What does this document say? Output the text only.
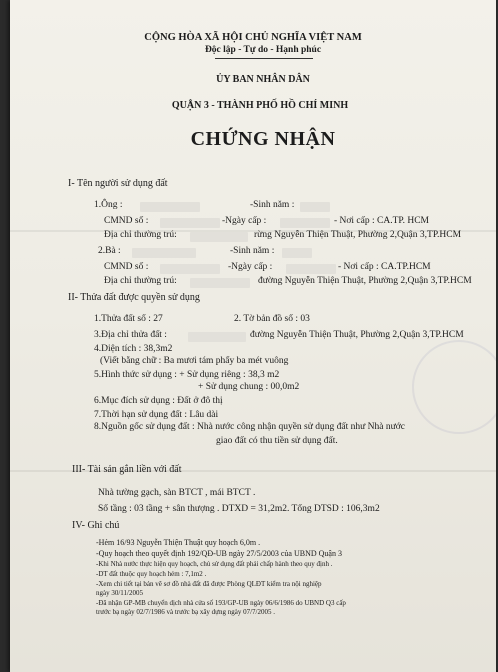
CỘNG HÒA XÃ HỘI CHỦ NGHĨA VIỆT NAM
Độc lập - Tự do - Hạnh phúc
ỦY BAN NHÂN DÂN
QUẬN 3 - THÀNH PHỐ HỒ CHÍ MINH
CHỨNG NHẬN
I- Tên người sử dụng đất
1.Ông :	-Sinh năm :
CMND số :	-Ngày cấp :	- Nơi cấp : CA.TP. HCM
Địa chỉ thường trú:	rừng Nguyễn Thiện Thuật, Phường 2,Quận 3,TP.HCM
2.Bà :	-Sinh năm :
CMND số :	-Ngày cấp :	- Nơi cấp : CA.TP.HCM
Địa chỉ thường trú:	đường Nguyễn Thiện Thuật, Phường 2,Quận 3,TP.HCM
II- Thửa đất được quyền sử dụng
1.Thửa đất số : 27	2. Tờ bản đồ số : 03
3.Địa chỉ thửa đất :	đường Nguyễn Thiện Thuật, Phường 2,Quận 3,TP.HCM
4.Diện tích : 38,3m2
(Viết bằng chữ : Ba mươi tám phẩy ba mét vuông
5.Hình thức sử dụng : + Sử dụng riêng : 38,3 m2
+ Sử dụng chung : 00,0m2
6.Mục đích sử dụng : Đất ở đô thị
7.Thời hạn sử dụng đất : Lâu dài
8.Nguồn gốc sử dụng đất : Nhà nước công nhận quyền sử dụng đất như Nhà nước
giao đất có thu tiền sử dụng đất.
III- Tài sản gắn liền với đất
Nhà tường gạch, sàn BTCT , mái BTCT .
Số tầng : 03 tầng + sân thượng . DTXD = 31,2m2. Tổng DTSD : 106,3m2
IV- Ghi chú
-Hẻm 16/93 Nguyễn Thiện Thuật quy hoạch 6,0m .
-Quy hoạch theo quyết định 192/QĐ-UB ngày 27/5/2003 của UBND Quận 3
-Khi Nhà nước thực hiện quy hoạch, chủ sử dụng đất phải chấp hành theo quy định .
-DT đất thuộc quy hoạch hẻm : 7,1m2 .
-Xem chi tiết tại bản vẽ sơ đồ nhà đất đã được Phòng QLĐT kiểm tra nội nghiệp
ngày 30/11/2005
-Đã nhận GP-MB chuyển dịch nhà cửa số 193/GP-UB ngày 06/6/1986 do UBND Q3 cấp
trước bạ ngày 02/7/1986 và trước bạ xây dựng ngày 07/7/2005 .
